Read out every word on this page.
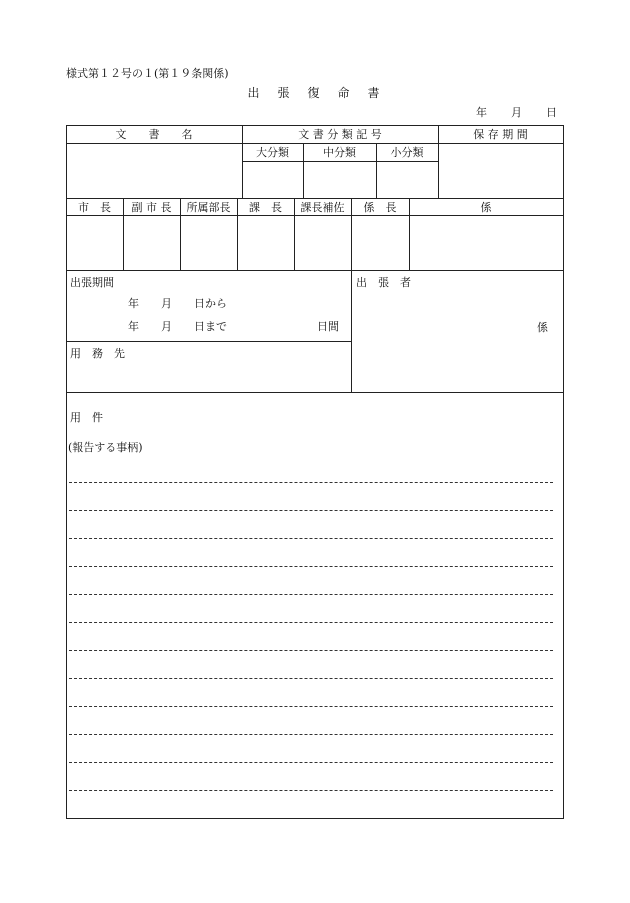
様式第１２号の１(第１９条関係)
出　張　復　命　書
年 月 日
文　　書　　名	文 書 分 類 記 号	保 存 期 間
大分類	中分類	小分類
市　長	副 市 長	所属部長	課　長	課長補佐	係　長	係
出張期間
年　　月　　日から
年　　月　　日まで	日間
出　張　者
係
用　務　先
用　件
(報告する事柄)
